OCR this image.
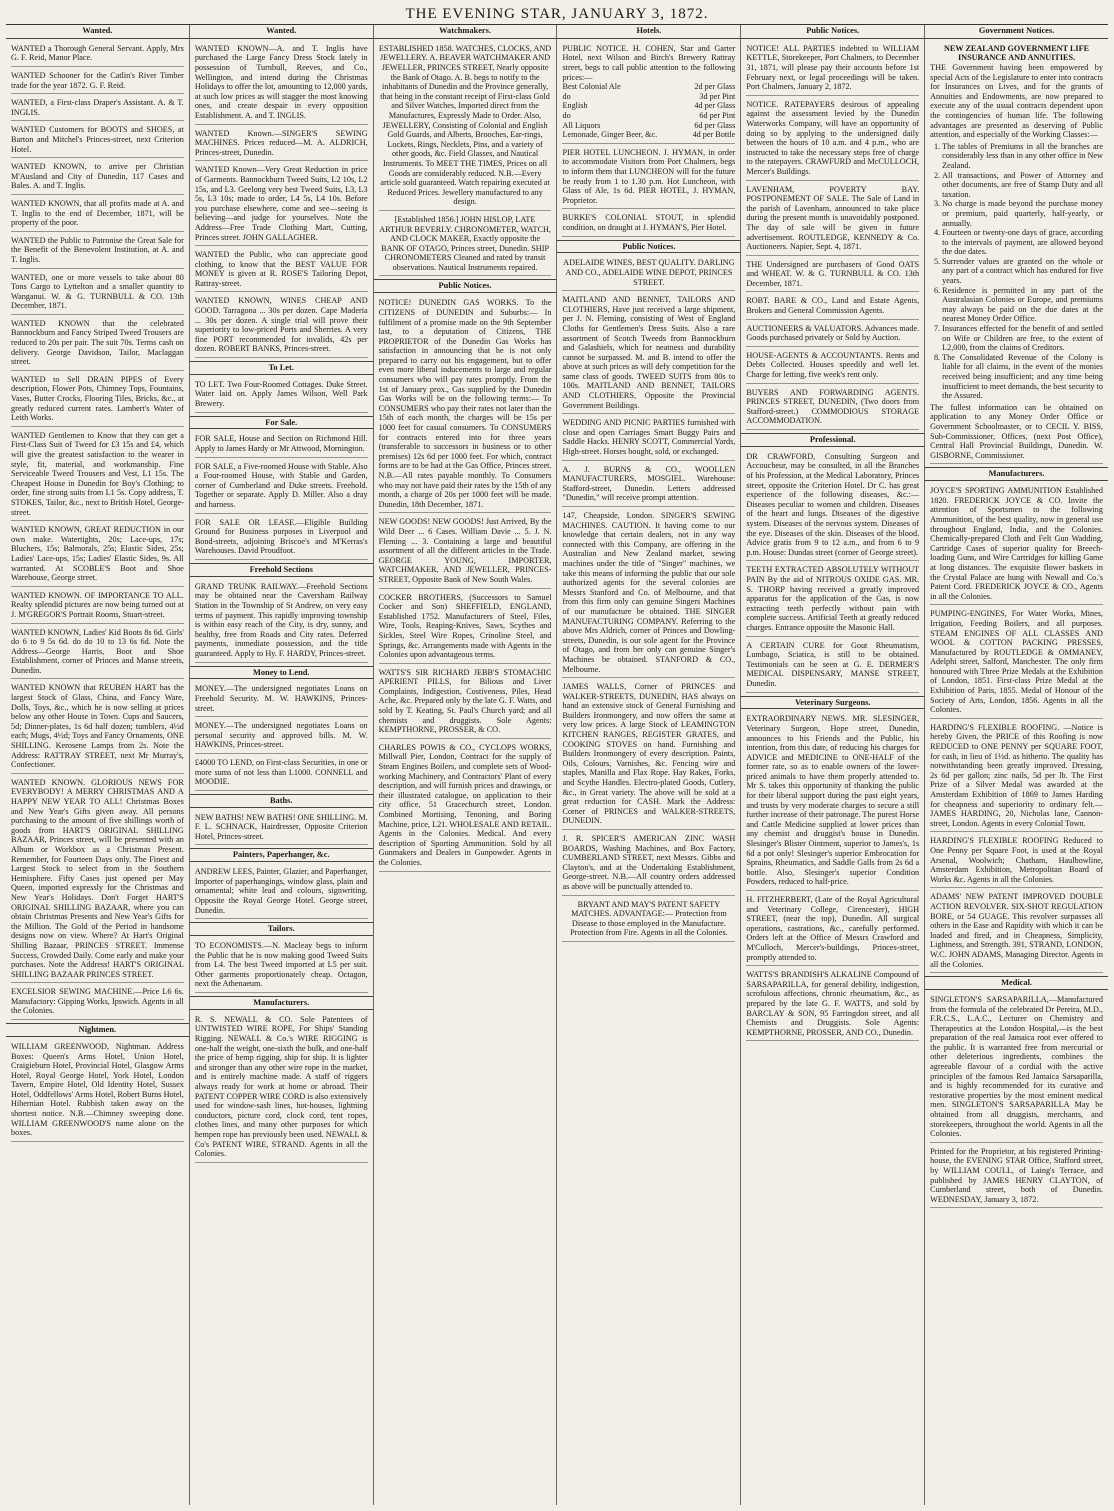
THE EVENING STAR, JANUARY 3, 1872.
Wanted.

WANTED a Thorough General Servant. Apply, Mrs G. F. Reid, Manor Place.

WANTED Schooner for the Catlin's River Timber trade for the year 1872. G. F. Reid.

WANTED, a First-class Draper's Assistant. A. & T. INGLIS.

WANTED Customers for BOOTS and SHOES, at Barton and Mitchel's Princes-street, next Criterion Hotel.

WANTED KNOWN, to arrive per Christian M'Ausland and City of Dunedin, 117 Cases and Bales. A. and T. Inglis.

WANTED KNOWN, that all profits made at A. and T. Inglis to the end of December, 1871, will be property of the poor.

WANTED the Public to Patronise the Great Sale for the Benefit of the Benevolent Institution, at A. and T. Inglis.

WANTED, one or more vessels to take about 80 Tons Cargo to Lyttelton and a smaller quantity to Wanganui. W. & G. TURNBULL & CO. 13th December, 1871.

WANTED KNOWN that the celebrated Bannockburn and Fancy Striped Tweed Trousers are reduced to 20s per pair. The suit 70s. Terms cash on delivery. George Davidson, Tailor, Maclaggan street.

WANTED to Sell DRAIN PIPES of Every description, Flower Pots, Chimney Tops, Fountains, Vases, Butter Crocks, Flooring Tiles, Bricks, &c., at greatly reduced current rates. Lambert's Water of Leith Works.

WANTED Gentlemen to Know that they can get a First-Class Suit of Tweed for £3 15s and £4, which will give the greatest satisfaction to the wearer in style, fit, material, and workmanship. Fine Serviceable Tweed Trousers and Vest, L1 15s. The Cheapest House in Dunedin for Boy's Clothing; to order, fine strong suits from L1 5s. Copy address, T. STOKES, Tailor, &c., next to British Hotel, George-street.

WANTED KNOWN, GREAT REDUCTION in our own make. Watertights, 20s; Lace-ups, 17s; Bluchers, 15s; Balmorals, 25s; Elastic Sides, 25s; Ladies' Lace-ups, 15s; Ladies' Elastic Sides, 9s. All warranted. At SCOBLE'S Boot and Shoe Warehouse, George street.

WANTED KNOWN. OF IMPORTANCE TO ALL. Realty splendid pictures are now being turned out at J. M'GREGOR'S Portrait Rooms, Stuart-street.

WANTED KNOWN, Ladies' Kid Boots 8s 6d. Girls' do 6 to 9 5s 6d. do do 10 to 13 6s 6d. Note the Address—George Harris, Boot and Shoe Establishment, corner of Princes and Manse streets, Dunedin.

WANTED KNOWN that REUBEN HART has the largest Stock of Glass, China, and Fancy Ware, Dolls, Toys, &c., which he is now selling at prices below any other House in Town. Cups and Saucers, 5d; Dinner-plates, 1s 6d half dozen; tumblers, 4½d each; Mugs, 4½d; Toys and Fancy Ornaments, ONE SHILLING. Kerosene Lamps from 2s. Note the Address: RATTRAY STREET, next Mr Murray's, Confectioner.

WANTED KNOWN. GLORIOUS NEWS FOR EVERYBODY! A MERRY CHRISTMAS AND A HAPPY NEW YEAR TO ALL! Christmas Boxes and New Year's Gifts given away. All persons purchasing to the amount of five shillings worth of goods from HART'S ORIGINAL SHILLING BAZAAR, Princes street, will be presented with an Album or Workbox as a Christmas Present. Remember, for Fourteen Days only. The Finest and Largest Stock to select from in the Southern Hemisphere. Fifty Cases just opened per May Queen, imported expressly for the Christmas and New Year's Holidays. Don't Forget HART'S ORIGINAL SHILLING BAZAAR, where you can obtain Christmas Presents and New Year's Gifts for the Million. The Gold of the Period in handsome designs now on view. Where? At Hart's Original Shilling Bazaar, PRINCES STREET. Immense Success, Crowded Daily. Come early and make your purchases. Note the Address! HART'S ORIGINAL SHILLING BAZAAR PRINCES STREET.

EXCELSIOR SEWING MACHINE.—Price L6 6s. Manufactory: Gipping Works, Ipswich. Agents in all the Colonies.

Nightmen.

WILLIAM GREENWOOD, Nightman. Address Boxes: Queen's Arms Hotel, Union Hotel, Craigieburn Hotel, Provincial Hotel, Glasgow Arms Hotel, Royal George Hotel, York Hotel, London Tavern, Empire Hotel, Old Identity Hotel, Sussex Hotel, Oddfellows' Arms Hotel, Robert Burns Hotel, Hibernian Hotel. Rubbish taken away on the shortest notice. N.B.—Chimney sweeping done. WILLIAM GREENWOOD'S name alone on the boxes.

Wanted.

WANTED KNOWN—A. and T. Inglis have purchased the Large Fancy Dress Stock lately in possession of Turnbull, Reeves, and Co., Wellington, and intend during the Christmas Holidays to offer the lot, amounting to 12,000 yards, at such low prices as will stagger the most knowing ones, and create despair in every opposition Establishment. A. and T. INGLIS.

WANTED Known.—SINGER'S SEWING MACHINES. Prices reduced—M. A. ALDRICH, Princes-street, Dunedin.

WANTED Known—Very Great Reduction in price of Garments. Bannockburn Tweed Suits, L2 10s, L2 15s, and L3. Geelong very best Tweed Suits, L3, L3 5s, L3 10s; made to order, L4 5s, L4 10s. Before you purchase elsewhere, come and see—seeing is believing—and judge for yourselves. Note the Address—Free Trade Clothing Mart, Cutting, Princes street. JOHN GALLAGHER.

WANTED the Public, who can appreciate good clothing, to know that the BEST VALUE FOR MONEY is given at R. ROSE'S Tailoring Depot, Rattray-street.

WANTED KNOWN, WINES CHEAP AND GOOD. Tarragona ... 30s per dozen. Cape Maderia ... 30s per dozen. A single trial will prove their superiority to low-priced Ports and Sherries. A very fine PORT recommended for invalids, 42s per dozen. ROBERT BANKS, Princes-street.

To Let.

TO LET. Two Four-Roomed Cottages. Duke Street. Water laid on. Apply James Wilson, Well Park Brewery.

For Sale.

FOR SALE, House and Section on Richmond Hill. Apply to James Hardy or Mr Attwood, Mornington.

FOR SALE, a Five-roomed House with Stable. Also a Four-roomed House, with Stable and Garden, corner of Cumberland and Duke streets. Freehold. Together or separate. Apply D. Miller. Also a dray and harness.

FOR SALE OR LEASE.—Eligible Building Ground for Business purposes in Liverpool and Bond-streets, adjoining Briscoe's and M'Kerras's Warehouses. David Proudfoot.

Freehold Sections

GRAND TRUNK RAILWAY.—Freehold Sections may be obtained near the Caversham Railway Station in the Township of St Andrew, on very easy terms of payment. This rapidly improving township is within easy reach of the City, is dry, sunny, and healthy, free from Roads and City rates. Deferred payments, immediate possession, and the title guaranteed. Apply to Hy. F. HARDY, Princes-street.

Money to Lend.

MONEY.—The undersigned negotiates Loans on Freehold Security. M. W. HAWKINS, Princes-street.

MONEY.—The undersigned negotiates Loans on personal security and approved bills. M. W. HAWKINS, Princes-street.

£4000 TO LEND, on First-class Securities, in one or more sums of not less than L1000. CONNELL and MOODIE.

Baths.

NEW BATHS! NEW BATHS! ONE SHILLING. M. F. L. SCHNACK, Hairdresser, Opposite Criterion Hotel, Princes-street.

Painters, Paperhanger, &c.

ANDREW LEES, Painter, Glazier, and Paperhanger, Importer of paperhangings, window glass, plain and ornamental; white lead and colours, signwriting. Opposite the Royal George Hotel. George street, Dunedin.

Tailors.

TO ECONOMISTS.—N. Macleay begs to inform the Public that he is now making good Tweed Suits from L4. The best Tweed imported at L5 per suit. Other garments proportionately cheap. Octagon, next the Athenaeum.

Manufacturers.

R. S. NEWALL & CO. Sole Patentees of UNTWISTED WIRE ROPE, For Ships' Standing Rigging. NEWALL & Co.'s WIRE RIGGING is one-half the weight, one-sixth the bulk, and one-half the price of hemp rigging, ship for ship. It is lighter and stronger than any other wire rope in the market, and is entirely machine made. A staff of riggers always ready for work at home or abroad. Their PATENT COPPER WIRE CORD is also extensively used for window-sash lines, hot-houses, lightning conductors, picture cord, clock cord, tent ropes, clothes lines, and many other purposes for which hempen rope has previously been used. NEWALL & Co's PATENT WIRE, STRAND. Agents in all the Colonies.

Watchmakers.

ESTABLISHED 1858. WATCHES, CLOCKS, AND JEWELLERY. A. BEAVER WATCHMAKER AND JEWELLER, PRINCES STREET, Nearly opposite the Bank of Otago. A. B. begs to notify to the inhabitants of Dunedin and the Province generally, that being in the constant receipt of First-class Gold and Silver Watches, Imported direct from the Manufactures, Expressly Made to Order. Also, JEWELLERY, Consisting of Colonial and English Gold Guards, and Alberts, Brooches, Ear-rings, Lockets, Rings, Necklets, Pins, and a variety of other goods, &c. Field Glasses, and Nautical Instruments. To MEET THE TIMES, Prices on all Goods are considerably reduced. N.B.—Every article sold guaranteed. Watch repairing executed at Reduced Prices. Jewellery manufactured to any design.

[Established 1856.] JOHN HISLOP, LATE ARTHUR BEVERLY. CHRONOMETER, WATCH, AND CLOCK MAKER, Exactly opposite the BANK OF OTAGO, Princes street, Dunedin. SHIP CHRONOMETERS Cleaned and rated by transit observations. Nautical Instruments repaired.

Public Notices.

NOTICE! DUNEDIN GAS WORKS. To the CITIZENS of DUNEDIN and Suburbs:— In fulfilment of a promise made on the 9th September last, to a deputation of Citizens, THE PROPRIETOR of the Dunedin Gas Works has satisfaction in announcing that he is not only prepared to carry out his engagement, but to offer even more liberal inducements to large and regular consumers who will pay rates promptly. From the 1st of January prox., Gas supplied by the Dunedin Gas Works will be on the following terms:— To CONSUMERS who pay their rates not later than the 15th of each month, the charges will be 15s per 1000 feet for casual consumers. To CONSUMERS for contracts entered into for three years (transferable to successors in business or to other premises) 12s 6d per 1000 feet. For which, contract forms are to be had at the Gas Office, Princes street. N.B.—All rates payable monthly. To Consumers who may not have paid their rates by the 15th of any month, a charge of 20s per 1000 feet will be made. Dunedin, 18th December, 1871.

NEW GOODS! NEW GOODS! Just Arrived, By the Wild Deer ... 6 Cases. William Davie ... 5. J. N. Fleming ... 3. Containing a large and beautiful assortment of all the different articles in the Trade. GEORGE YOUNG, IMPORTER, WATCHMAKER, AND JEWELLER, PRINCES-STREET, Opposite Bank of New South Wales.

COCKER BROTHERS, (Successors to Samuel Cocker and Son) SHEFFIELD, ENGLAND, Established 1752. Manufacturers of Steel, Files, Wire, Tools, Reaping-Knives, Saws, Scythes and Sickles, Steel Wire Ropes, Crinoline Steel, and Springs, &c. Arrangements made with Agents in the Colonies upon advantageous terms.

WATTS'S SIR RICHARD JEBB'S STOMACHIC APERIENT PILLS, for Bilious and Liver Complaints, Indigestion, Costiveness, Piles, Head Ache, &c. Prepared only by the late G. F. Watts, and sold by T. Keating, St. Paul's Church yard; and all chemists and druggists. Sole Agents: KEMPTHORNE, PROSSER, & CO.

CHARLES POWIS & CO., CYCLOPS WORKS, Millwall Pier, London, Contract for the supply of Steam Engines Boilers, and complete sets of Wood-working Machinery, and Contractors' Plant of every description, and will furnish prices and drawings, or their illustrated catalogue, on application to their city office, 51 Gracechurch street, London. Combined Mortising, Tenoning, and Boring Machine, price, L21. WHOLESALE AND RETAIL. Agents in the Colonies. Medical. And every description of Sporting Ammunition. Sold by all Gunmakers and Dealers in Gunpowder. Agents in the Colonies.

Hotels.

PUBLIC NOTICE. H. COHEN, Star and Garter Hotel, next Wilson and Birch's Brewery Rattray street, begs to call public attention to the following prices:—

Best Colonial Ale	2d per Glass
do	3d per Pint
English	4d per Glass
do	6d per Pint
All Liquors	6d per Glass
Lemonade, Ginger Beer, &c.	4d per Bottle

PIER HOTEL LUNCHEON. J. HYMAN, in order to accommodate Visitors from Port Chalmers, begs to inform them that LUNCHEON will for the future be ready from 1 to 1.30 p.m. Hot Luncheon, with Glass of Ale, 1s 6d. PIER HOTEL, J. HYMAN, Proprietor.

BURKE'S COLONIAL STOUT, in splendid condition, on draught at J. HYMAN'S, Pier Hotel.

Public Notices.

ADELAIDE WINES, BEST QUALITY. DARLING AND CO., ADELAIDE WINE DEPOT, PRINCES STREET.

MAITLAND AND BENNET, TAILORS AND CLOTHIERS, Have just received a large shipment, per J. N. Fleming, consisting of West of England Cloths for Gentlemen's Dress Suits. Also a rare assortment of Scotch Tweeds from Bannockburn and Galashiels, which for neatness and durability cannot be surpassed. M. and B. intend to offer the above at such prices as will defy competition for the same class of goods. TWEED SUITS from 80s to 100s. MAITLAND AND BENNET, TAILORS AND CLOTHIERS, Opposite the Provincial Government Buildings.

WEDDING AND PICNIC PARTIES furnished with close and open Carriages Smart Buggy Pairs and Saddle Hacks. HENRY SCOTT, Commercial Yards, High-street. Horses bought, sold, or exchanged.

A. J. BURNS & CO., WOOLLEN MANUFACTURERS, MOSGIEL. Warehouse: Stafford-street, Dunedin. Letters addressed "Dunedin," will receive prompt attention.

147, Cheapside, London. SINGER'S SEWING MACHINES. CAUTION. It having come to our knowledge that certain dealers, not in any way connected with this Company, are offering in the Australian and New Zealand market, sewing machines under the title of "Singer" machines, we take this means of informing the public that our sole authorized agents for the several colonies are Messrs Stanford and Co. of Melbourne, and that from this firm only can genuine Singers Machines of our manufacture be obtained. THE SINGER MANUFACTURING COMPANY. Referring to the above Mrs Aldrich, corner of Princes and Dowling-streets, Dunedin, is our sole agent for the Province of Otago, and from her only can genuine Singer's Machines be obtained. STANFORD & CO., Melbourne.

JAMES WALLS, Corner of PRINCES and WALKER-STREETS, DUNEDIN, HAS always on hand an extensive stock of General Furnishing and Builders Ironmongery, and now offers the same at very low prices. A large Stock of LEAMINGTON KITCHEN RANGES, REGISTER GRATES, and COOKING STOVES on hand. Furnishing and Builders Ironmongery of every description. Paints, Oils, Colours, Varnishes, &c. Fencing wire and staples, Manilla and Flax Rope. Hay Rakes, Forks, and Scythe Handles. Electro-plated Goods, Cutlery, &c., in Great variety. The above will be sold at a great reduction for CASH. Mark the Address: Corner of PRINCES and WALKER-STREETS, DUNEDIN.

J. R. SPICER'S AMERICAN ZINC WASH BOARDS, Washing Machines, and Box Factory, CUMBERLAND STREET, next Messrs. Gibbs and Clayton's, and at the Undertaking Establishment, George-street. N.B.—All country orders addressed as above will be punctually attended to.

BRYANT AND MAY'S PATENT SAFETY MATCHES. ADVANTAGE:— Protection from Disease to those employed in the Manufacture. Protection from Fire. Agents in all the Colonies.

Public Notices.

NOTICE! ALL PARTIES indebted to WILLIAM KETTLE, Storekeeper, Port Chalmers, to December 31, 1871, will please pay their accounts before 1st February next, or legal proceedings will be taken. Port Chalmers, January 2, 1872.

NOTICE. RATEPAYERS desirous of appealing against the assessment levied by the Dunedin Waterworks Company, will have an opportunity of doing so by applying to the undersigned daily between the hours of 10 a.m. and 4 p.m., who are instructed to take the necessary steps free of charge to the ratepayers. CRAWFURD and McCULLOCH, Mercer's Buildings.

LAVENHAM, POVERTY BAY. POSTPONEMENT OF SALE. The Sale of Land in the parish of Lavenham, announced to take place during the present month is unavoidably postponed. The day of sale will be given in future advertisement. ROUTLEDGE, KENNEDY & Co. Auctioneers. Napier, Sept. 4, 1871.

THE Undersigned are purchasers of Good OATS and WHEAT. W. & G. TURNBULL & CO. 13th December, 1871.

ROBT. BARE & CO., Land and Estate Agents, Brokers and General Commission Agents.

AUCTIONEERS & VALUATORS. Advances made. Goods purchased privately or Sold by Auction.

HOUSE-AGENTS & ACCOUNTANTS. Rents and Debts Collected. Houses speedily and well let. Charge for letting, five week's rent only.

BUYERS AND FORWARDING AGENTS. PRINCES STREET, DUNEDIN, (Two doors from Stafford-street.) COMMODIOUS STORAGE ACCOMMODATION.

Professional.

DR CRAWFORD, Consulting Surgeon and Accoucheur, may be consulted, in all the Branches of his Profession, at the Medical Laboratory, Princes street, opposite the Criterion Hotel. Dr C. has great experience of the following diseases, &c.:— Diseases peculiar to women and children. Diseases of the heart and lungs. Diseases of the digestive system. Diseases of the nervous system. Diseases of the eye. Diseases of the skin. Diseases of the blood. Advice gratis from 9 to 12 a.m., and from 6 to 9 p.m. House: Dundas street (corner of George street).

TEETH EXTRACTED ABSOLUTELY WITHOUT PAIN By the aid of NITROUS OXIDE GAS. MR. S. THORP having received a greatly improved apparatus for the application of the Gas, is now extracting teeth perfectly without pain with complete success. Artificial Teeth at greatly reduced charges. Entrance opposite the Masonic Hall.

A CERTAIN CURE for Gout Rheumatism, Lumbago, Sciatica, is still to be obtained. Testimonials can be seen at G. E. DERMER'S MEDICAL DISPENSARY, MANSE STREET, Dunedin.

Veterinary Surgeons.

EXTRAORDINARY NEWS. MR. SLESINGER, Veterinary Surgeon, Hope street, Dunedin, announces to his Friends and the Public, his intention, from this date, of reducing his charges for ADVICE and MEDICINE to ONE-HALF of the former rate, so as to enable owners of the lower-priced animals to have them properly attended to. Mr S. takes this opportunity of thanking the public for their liberal support during the past eight years, and trusts by very moderate charges to secure a still further increase of their patronage. The purest Horse and Cattle Medicine supplied at lower prices than any chemist and druggist's house in Dunedin. Slesinger's Blister Ointment, superior to James's, 1s 6d a pot only! Slesinger's superior Embrocation for Sprains, Rheumatics, and Saddle Galls from 2s 6d a bottle. Also, Slesinger's superior Condition Powders, reduced to half-price.

H. FITZHERBERT, (Late of the Royal Agricultural and Veterinary College, Cirencester), HIGH STREET, (near the top), Dunedin. All surgical operations, castrations, &c., carefully performed. Orders left at the Office of Messrs Crawford and M'Culloch, Mercer's-buildings, Princes-street, promptly attended to.

WATTS'S BRANDISH'S ALKALINE Compound of SARSAPARILLA, for general debility, indigestion, scrofulous affections, chronic rheumatism, &c., as prepared by the late G. F. WATTS, and sold by BARCLAY & SON, 95 Farringdon street, and all Chemists and Druggists. Sole Agents: KEMPTHORNE, PROSSER, AND CO., Dunedin.

Government Notices.

NEW ZEALAND GOVERNMENT LIFE INSURANCE AND ANNUITIES.

THE Government having been empowered by special Acts of the Legislature to enter into contracts for Insurances on Lives, and for the grants of Annuities and Endowments, are now prepared to execute any of the usual contracts dependent upon the contingencies of human life. The following advantages are presented as deserving of Public attention, and especially of the Working Classes:—

1. The tables of Premiums in all the branches are considerably less than in any other office in New Zealand.
2. All transactions, and Power of Attorney and other documents, are free of Stamp Duty and all taxation.
3. No charge is made beyond the purchase money or premium, paid quarterly, half-yearly, or annually.
4. Fourteen or twenty-one days of grace, according to the intervals of payment, are allowed beyond the due dates.
5. Surrender values are granted on the whole or any part of a contract which has endured for five years.
6. Residence is permitted in any part of the Australasian Colonies or Europe, and premiums may always be paid on the due dates at the nearest Money Order Office.
7. Insurances effected for the benefit of and settled on Wife or Children are free, to the extent of L2,000, from the claims of Creditors.
8. The Consolidated Revenue of the Colony is liable for all claims, in the event of the monies received being insufficient; and any time being insufficient to meet demands, the best security to the Assured.

The fullest information can be obtained on application to any Money Order Office or Government Schoolmaster, or to CECIL Y. BISS, Sub-Commissioner, Offices, (next Post Office), Central Hall Provincial Buildings, Dunedin. W. GISBORNE, Commissioner.

Manufacturers.

JOYCE'S SPORTING AMMUNITION Established 1820. FREDERICK JOYCE & CO. Invite the attention of Sportsmen to the following Ammunition, of the best quality, now in general use throughout England, India, and the Colonies. Chemically-prepared Cloth and Felt Gun Wadding, Cartridge Cases of superior quality for Breech-loading Guns, and Wire Cartridges for killing Game at long distances. The exquisite flower baskets in the Crystal Palace are hung with Newall and Co.'s Patent Cord. FREDERICK JOYCE & CO., Agents in all the Colonies.

PUMPING-ENGINES, For Water Works, Mines, Irrigation, Feeding Boilers, and all purposes. STEAM ENGINES OF ALL CLASSES AND WOOL & COTTON PACKING PRESSES, Manufactured by ROUTLEDGE & OMMANEY, Adelphi street, Salford, Manchester. The only firm honoured with Three Prize Medals at the Exhibition of London, 1851. First-class Prize Medal at the Exhibition of Paris, 1855. Medal of Honour of the Society of Arts, London, 1856. Agents in all the Colonies.

HARDING'S FLEXIBLE ROOFING. —Notice is hereby Given, the PRICE of this Roofing is now REDUCED to ONE PENNY per SQUARE FOOT, for cash, in lieu of 1½d. as hitherto. The quality has notwithstanding been greatly improved. Dressing, 2s 6d per gallon; zinc nails, 5d per lb. The First Prize of a Silver Medal was awarded at the Amsterdam Exhibition of 1869 to James Harding for cheapness and superiority to ordinary felt.—JAMES HARDING, 20, Nicholas lane, Cannon-street, London. Agents in every Colonial Town.

HARDING'S FLEXIBLE ROOFING Reduced to One Penny per Square Foot, is used at the Royal Arsenal, Woolwich; Chatham, Haulbowline, Amsterdam Exhibition, Metropolitan Board of Works &c. Agents in all the Colonies.

ADAMS' NEW PATENT IMPROVED DOUBLE ACTION REVOLVER. SIX-SHOT REGULATION BORE, or 54 GUAGE. This revolver surpasses all others in the Ease and Rapidity with which it can be loaded and fired, and in Cheapness, Simplicity, Lightness, and Strength. 391, STRAND, LONDON, W.C. JOHN ADAMS, Managing Director. Agents in all the Colonies.

Medical.

SINGLETON'S SARSAPARILLA,—Manufactured from the formula of the celebrated Dr Pereira, M.D., F.R.C.S., L.A.C., Lecturer on Chemistry and Therapeutics at the London Hospital,—is the best preparation of the real Jamaica root ever offered to the public. It is warranted free from mercurial or other deleterious ingredients, combines the agreeable flavour of a cordial with the active principles of the famous Red Jamaica Sarsaparilla, and is highly recommended for its curative and restorative properties by the most eminent medical men. SINGLETON'S SARSAPARILLA May be obtained from all druggists, merchants, and storekeepers, throughout the world. Agents in all the Colonies.

Printed for the Proprietor, at his registered Printing-house, the EVENING STAR Office, Stafford street, by WILLIAM COULL, of Laing's Terrace, and published by JAMES HENRY CLAYTON, of Cumberland street, both of Dunedin. WEDNESDAY, January 3, 1872.
